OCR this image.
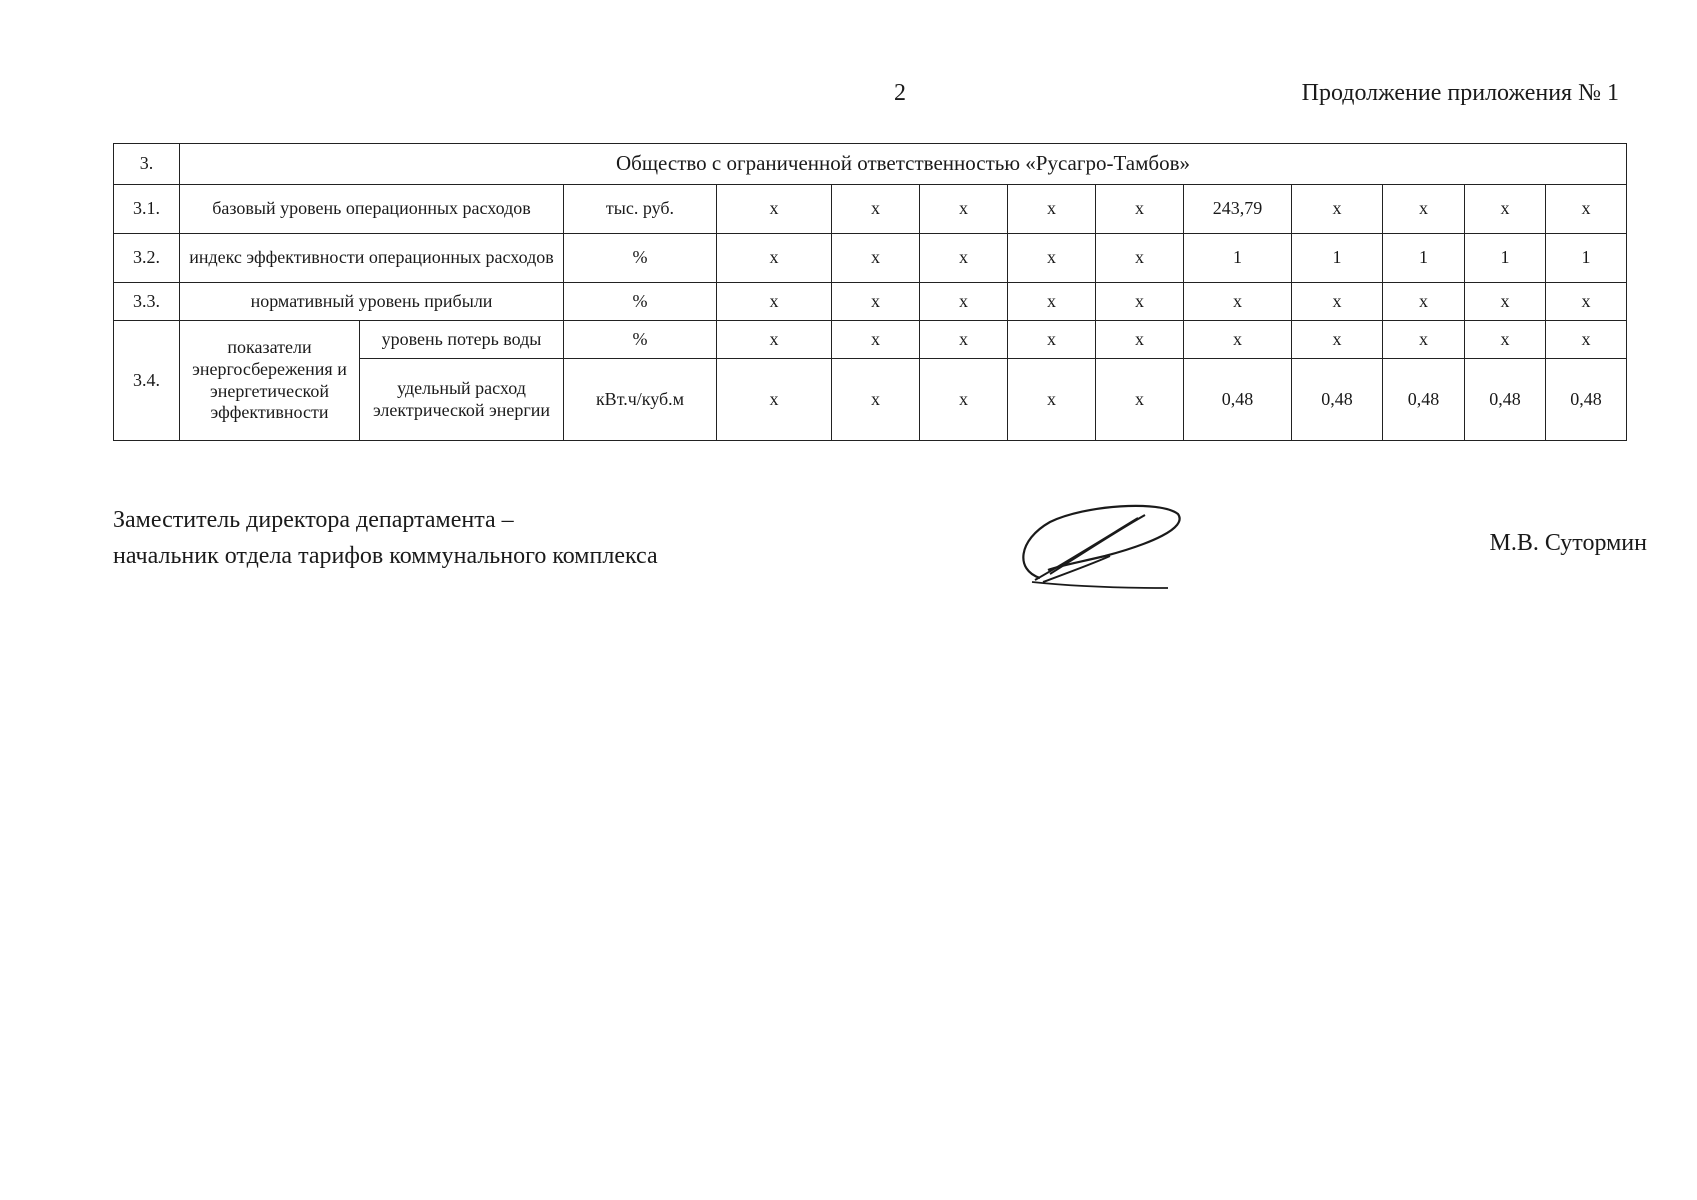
2	Продолжение приложения № 1
3.	Общество с ограниченной ответственностью «Русагро-Тамбов»												
3.1.	базовый уровень операционных расходов		тыс. руб.	х	х	х	х	х	243,79	х	х	х	х
3.2.	индекс эффективности операционных расходов		%	х	х	х	х	х	1	1	1	1	1
3.3.	нормативный уровень прибыли		%	х	х	х	х	х	х	х	х	х	х
3.4.	показатели энергосбережения и энергетической эффективности	уровень потерь воды	%	х	х	х	х	х	х	х	х	х	х
		удельный расход электрической энергии	кВт.ч/куб.м	х	х	х	х	х	0,48	0,48	0,48	0,48	0,48
Заместитель директора департамента –
начальник отдела тарифов коммунального комплекса	М.В. Сутормин
